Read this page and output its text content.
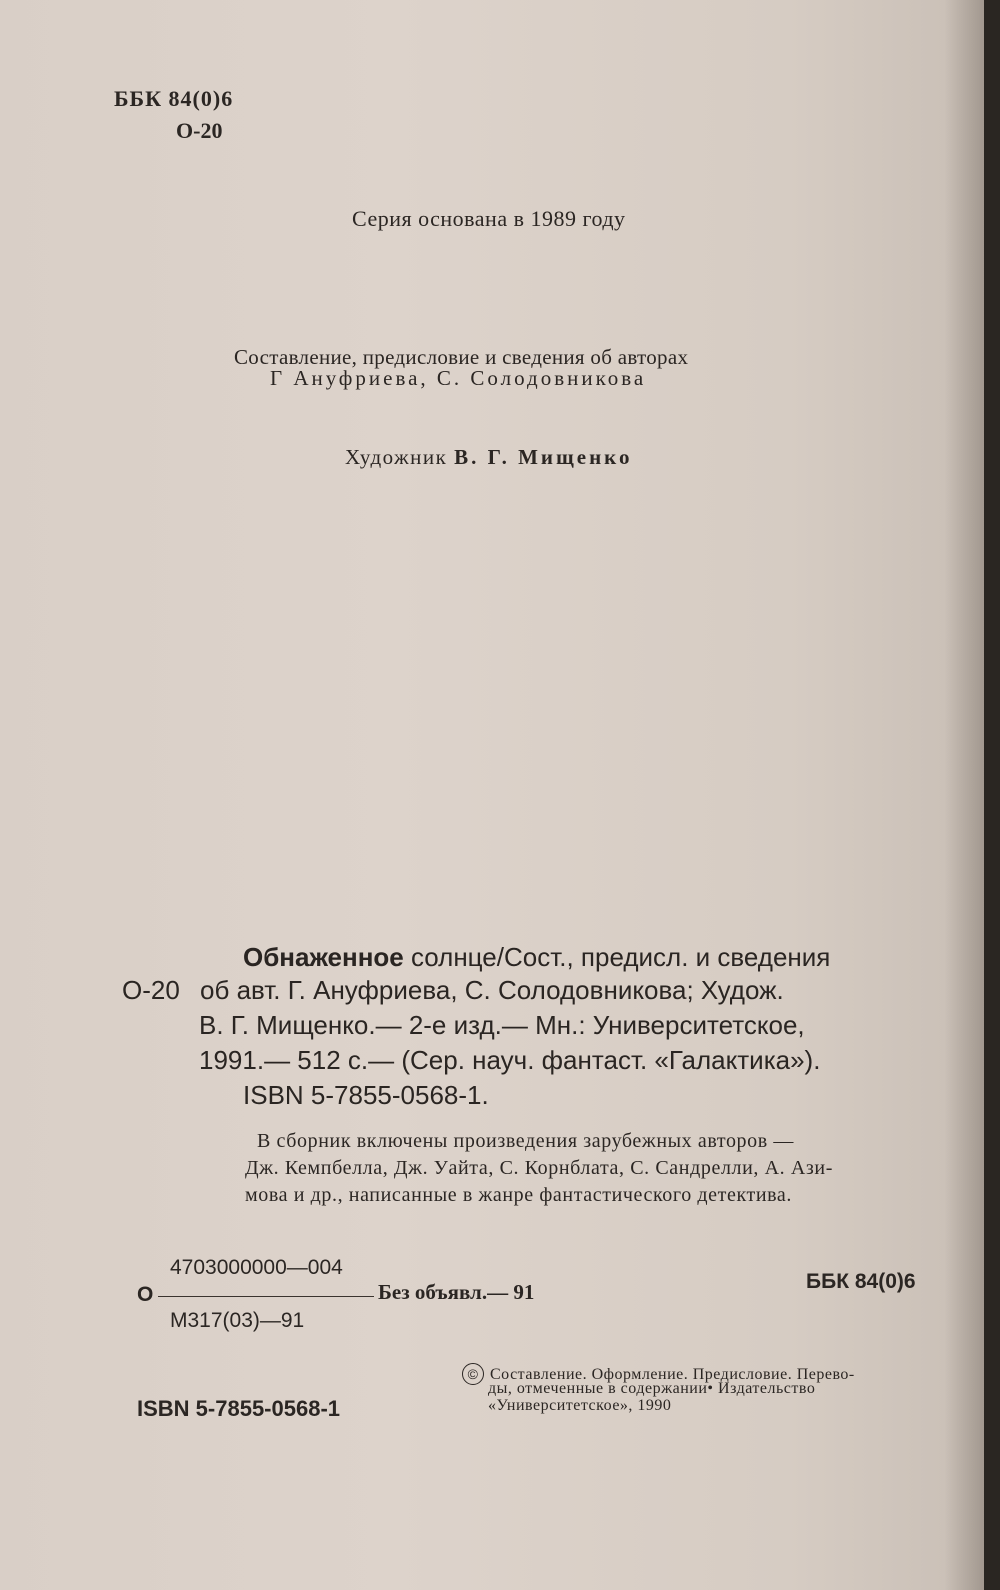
ББК 84(0)6
О-20
Серия основана в 1989 году
Составление, предисловие и сведения об авторах
Г Ануфриева, С. Солодовникова
Художник В. Г. Мищенко
Обнаженное солнце/Сост., предисл. и сведения
О-20 об авт. Г. Ануфриева, С. Солодовникова; Худож.
В. Г. Мищенко.— 2-е изд.— Мн.: Университетское,
1991.— 512 с.— (Сер. науч. фантаст. «Галактика»).
ISBN 5-7855-0568-1.
В сборник включены произведения зарубежных авторов —
Дж. Кемпбелла, Дж. Уайта, С. Корнблата, С. Сандрелли, А. Ази-
мова и др., написанные в жанре фантастического детектива.
4703000000—004
О	Без объявл.— 91
М317(03)—91
ББК 84(0)6
© Составление. Оформление. Предисловие. Перево-
ды, отмеченные в содержании• Издательство
«Университетское», 1990
ISBN 5-7855-0568-1
